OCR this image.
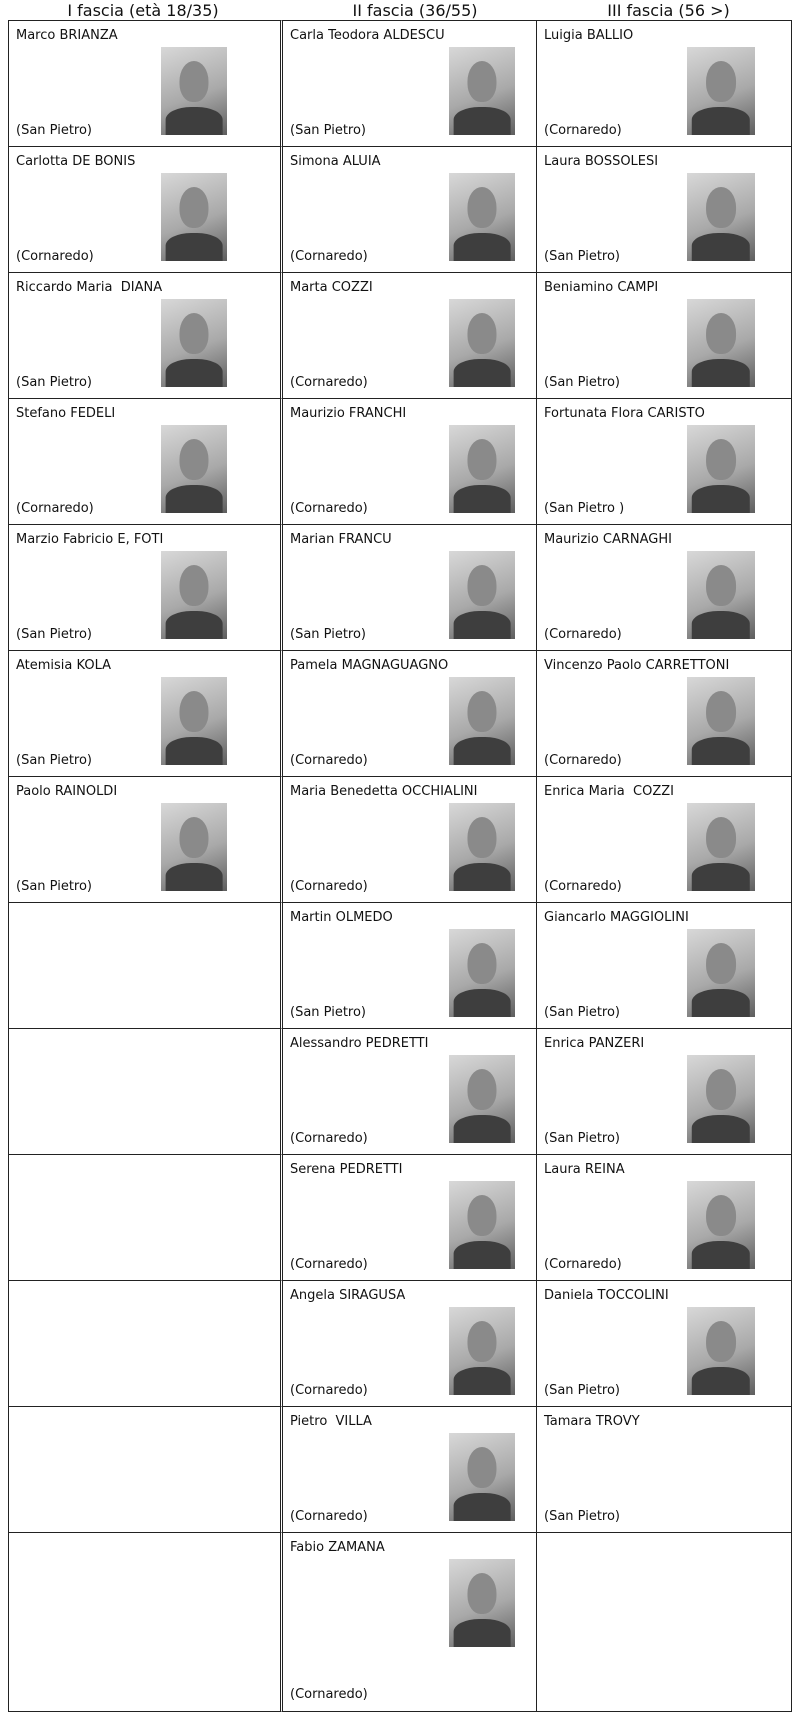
I fascia (età 18/35)	II fascia (36/55)	III fascia (56 >)
Marco BRIANZA
(San Pietro)
Carla Teodora ALDESCU
(San Pietro)
Luigia BALLIO
(Cornaredo)
Carlotta DE BONIS
(Cornaredo)
Simona ALUIA
(Cornaredo)
Laura BOSSOLESI
(San Pietro)
Riccardo Maria  DIANA
(San Pietro)
Marta COZZI
(Cornaredo)
Beniamino CAMPI
(San Pietro)
Stefano FEDELI
(Cornaredo)
Maurizio FRANCHI
(Cornaredo)
Fortunata Flora CARISTO
(San Pietro )
Marzio Fabricio E, FOTI
(San Pietro)
Marian FRANCU
(San Pietro)
Maurizio CARNAGHI
(Cornaredo)
Atemisia KOLA
(San Pietro)
Pamela MAGNAGUAGNO
(Cornaredo)
Vincenzo Paolo CARRETTONI
(Cornaredo)
Paolo RAINOLDI
(San Pietro)
Maria Benedetta OCCHIALINI
(Cornaredo)
Enrica Maria  COZZI
(Cornaredo)
Martin OLMEDO
(San Pietro)
Giancarlo MAGGIOLINI
(San Pietro)
Alessandro PEDRETTI
(Cornaredo)
Enrica PANZERI
(San Pietro)
Serena PEDRETTI
(Cornaredo)
Laura REINA
(Cornaredo)
Angela SIRAGUSA
(Cornaredo)
Daniela TOCCOLINI
(San Pietro)
Pietro  VILLA
(Cornaredo)
Tamara TROVY
(San Pietro)
Fabio ZAMANA
(Cornaredo)
